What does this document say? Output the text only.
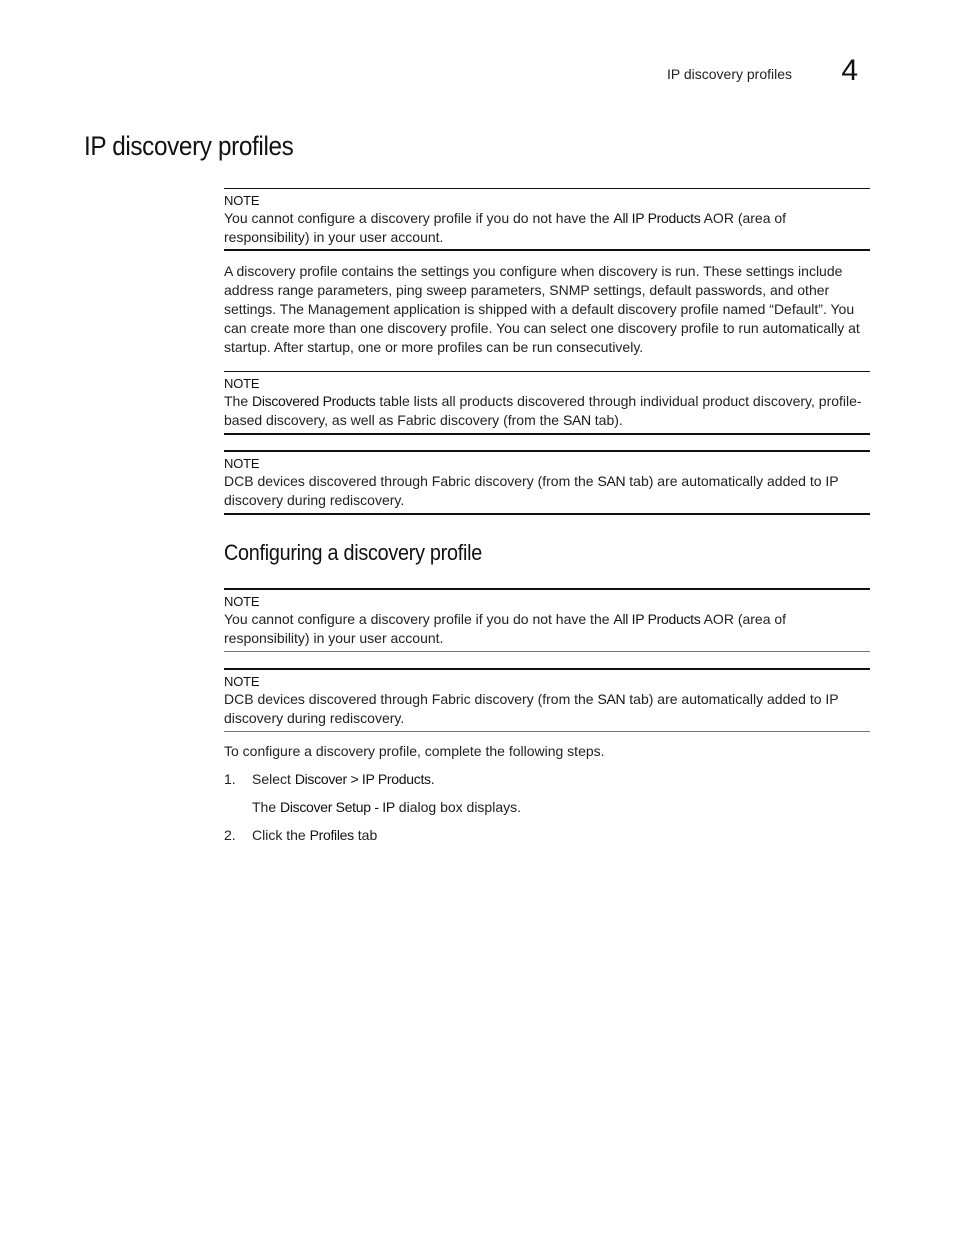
IP discovery profiles 4
IP discovery profiles
NOTE
You cannot configure a discovery profile if you do not have the All IP Products AOR (area of responsibility) in your user account.

A discovery profile contains the settings you configure when discovery is run. These settings include address range parameters, ping sweep parameters, SNMP settings, default passwords, and other settings. The Management application is shipped with a default discovery profile named “Default”. You can create more than one discovery profile. You can select one discovery profile to run automatically at startup. After startup, one or more profiles can be run consecutively.

NOTE
The Discovered Products table lists all products discovered through individual product discovery, profile-based discovery, as well as Fabric discovery (from the SAN tab).
NOTE
DCB devices discovered through Fabric discovery (from the SAN tab) are automatically added to IP discovery during rediscovery.
Configuring a discovery profile
NOTE
You cannot configure a discovery profile if you do not have the All IP Products AOR (area of responsibility) in your user account.
NOTE
DCB devices discovered through Fabric discovery (from the SAN tab) are automatically added to IP discovery during rediscovery.

To configure a discovery profile, complete the following steps.

1. Select Discover > IP Products.
The Discover Setup - IP dialog box displays.
2. Click the Profiles tab
